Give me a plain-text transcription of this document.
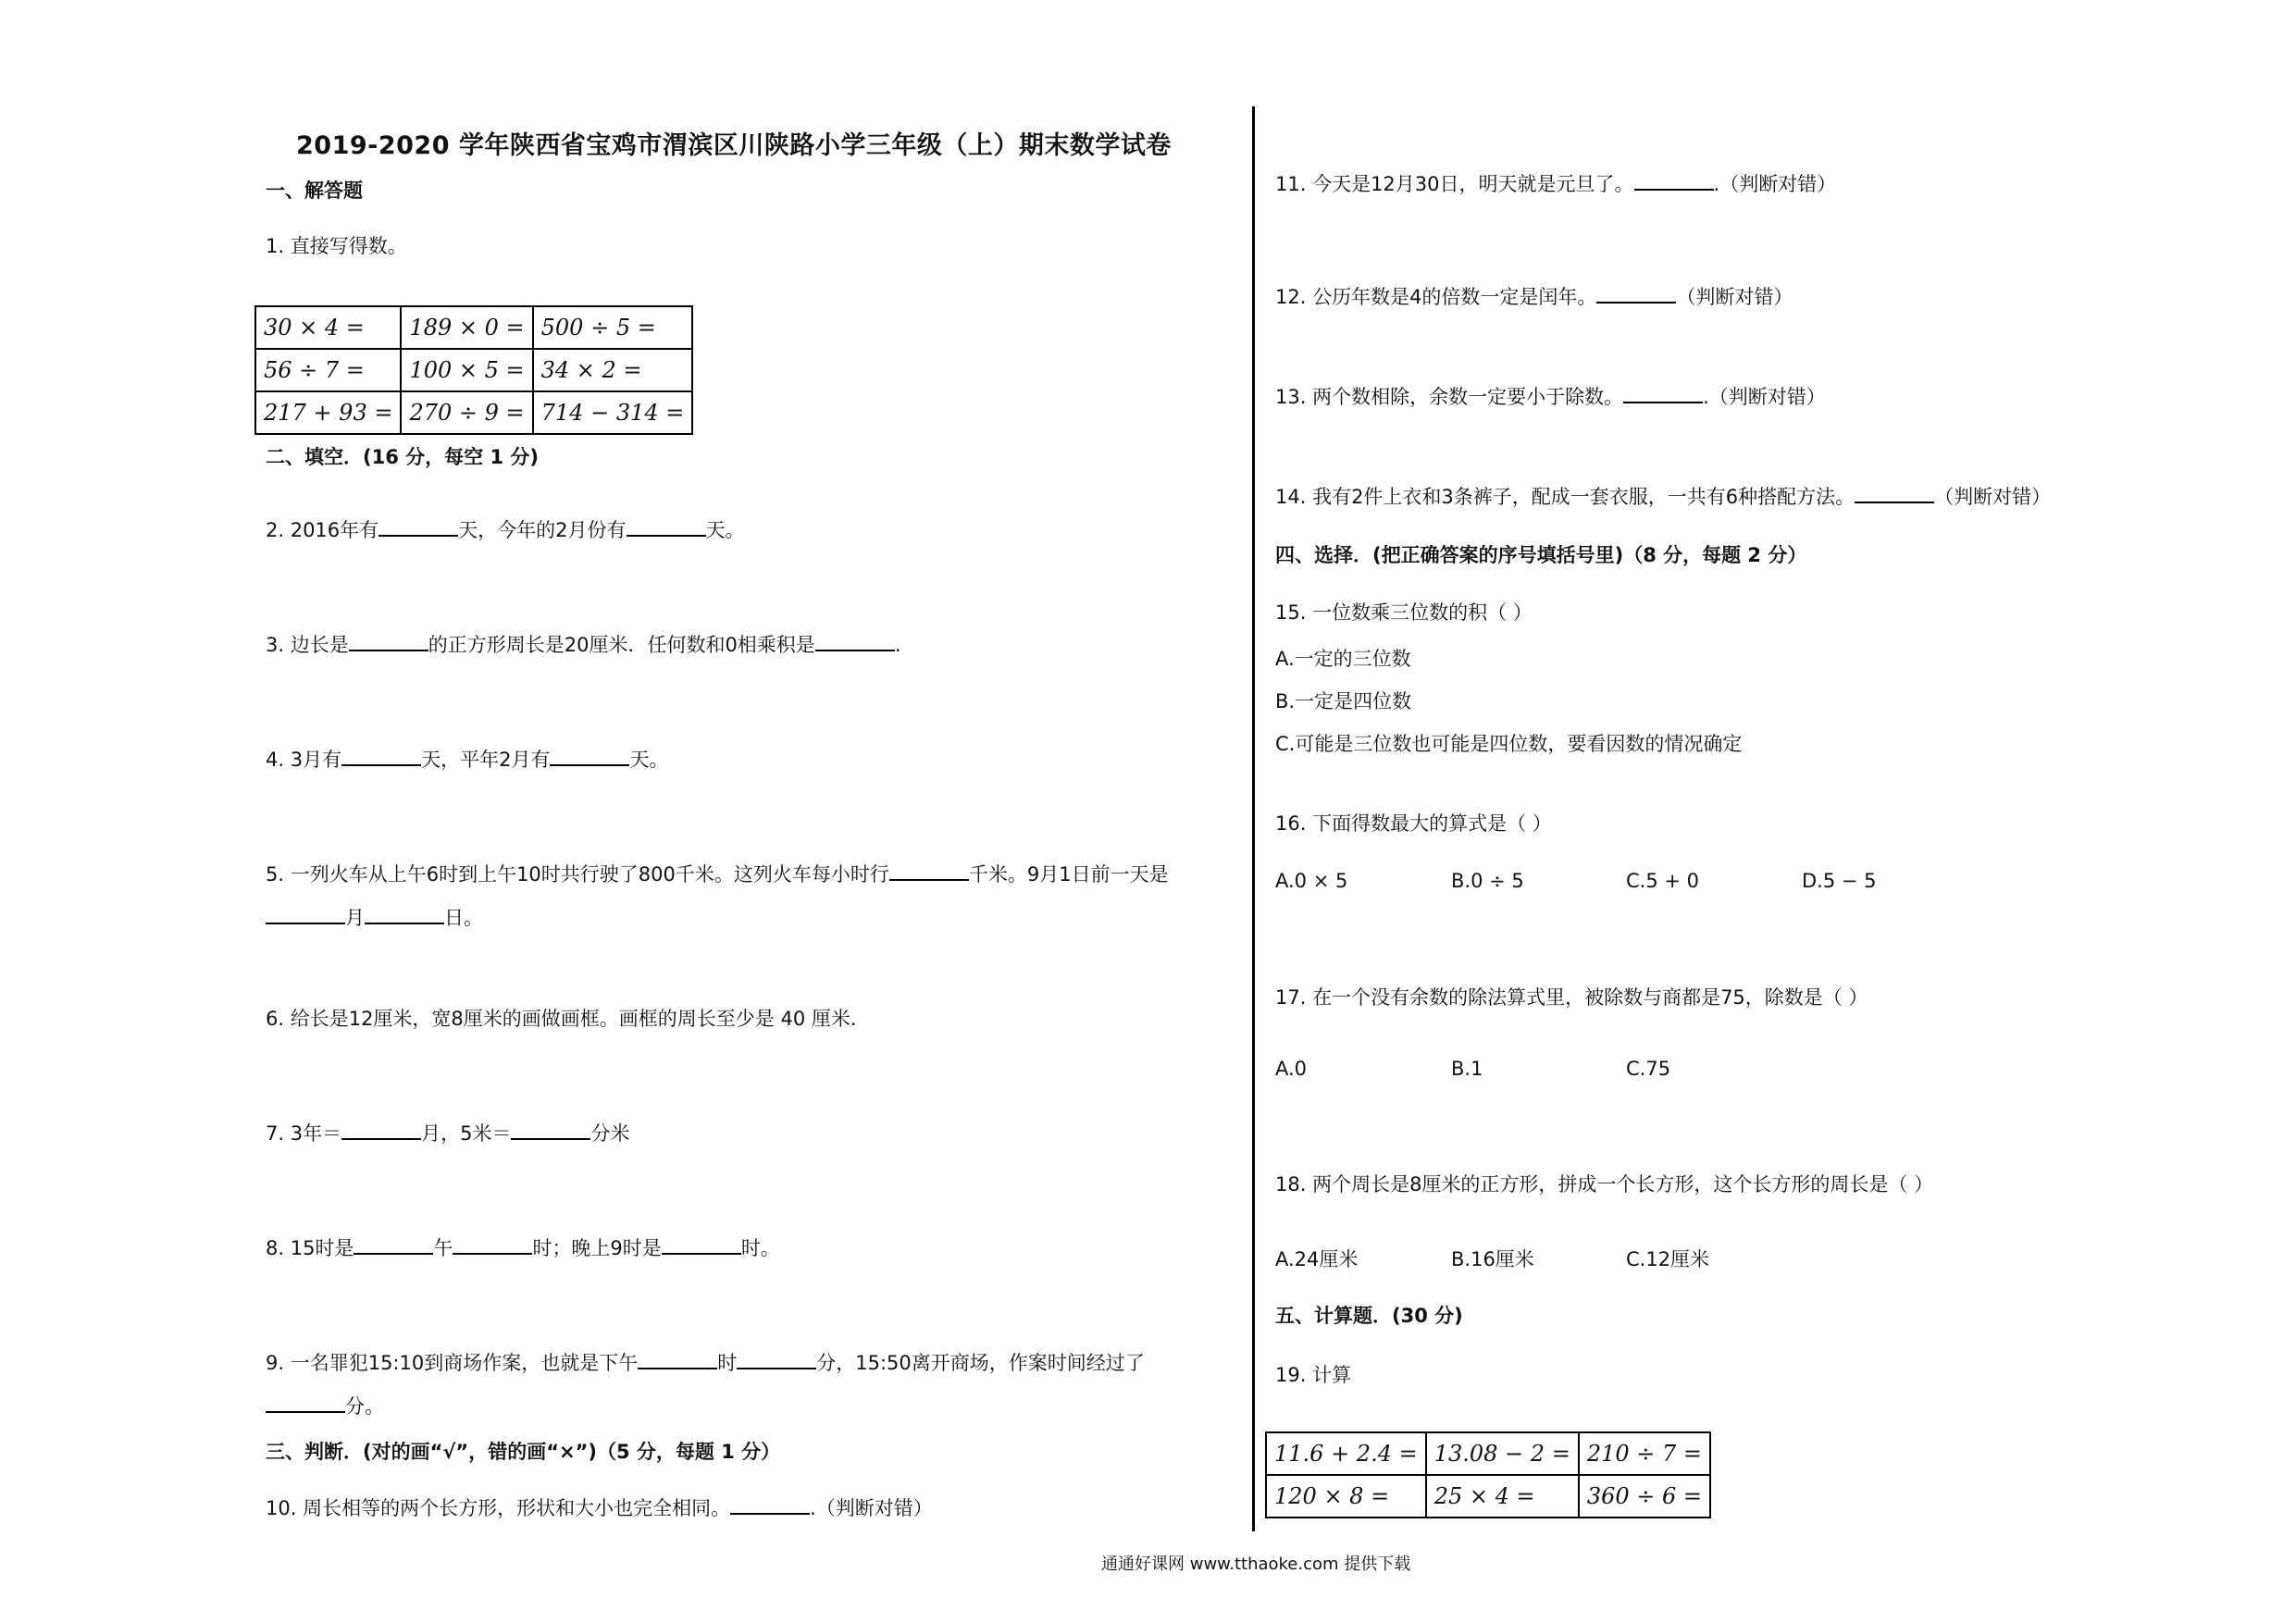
2019-2020 学年陕西省宝鸡市渭滨区川陕路小学三年级（上）期末数学试卷
一、解答题
1. 直接写得数。
30 × 4 =	189 × 0 =	500 ÷ 5 =
56 ÷ 7 =	100 × 5 =	34 × 2 =
217 + 93 =	270 ÷ 9 =	714 − 314 =
二、填空．(16 分，每空 1 分)
2. 2016年有	天，今年的2月份有	天。
3. 边长是	的正方形周长是20厘米．任何数和0相乘积是	.
4. 3月有	天，平年2月有	天。
5. 一列火车从上午6时到上午10时共行驶了800千米。这列火车每小时行	千米。9月1日前一天是
月	日。
6. 给长是12厘米，宽8厘米的画做画框。画框的周长至少是 40 厘米.
7. 3年＝	月，5米＝	分米
8. 15时是	午	时；晚上9时是	时。
9. 一名罪犯15:10到商场作案，也就是下午	时	分，15:50离开商场，作案时间经过了
分。
三、判断．(对的画“√”，错的画“×”)（5 分，每题 1 分）
10. 周长相等的两个长方形，形状和大小也完全相同。	.（判断对错）
11. 今天是12月30日，明天就是元旦了。	.（判断对错）
12. 公历年数是4的倍数一定是闰年。	（判断对错）
13. 两个数相除，余数一定要小于除数。	.（判断对错）
14. 我有2件上衣和3条裤子，配成一套衣服，一共有6种搭配方法。	（判断对错）
四、选择．(把正确答案的序号填括号里)（8 分，每题 2 分）
15. 一位数乘三位数的积（ ）
A.一定的三位数
B.一定是四位数
C.可能是三位数也可能是四位数，要看因数的情况确定
16. 下面得数最大的算式是（ ）
A.0 × 5	B.0 ÷ 5	C.5 + 0	D.5 − 5
17. 在一个没有余数的除法算式里，被除数与商都是75，除数是（ ）
A.0	B.1	C.75
18. 两个周长是8厘米的正方形，拼成一个长方形，这个长方形的周长是（ ）
A.24厘米	B.16厘米	C.12厘米
五、计算题．(30 分)
19. 计算
11.6 + 2.4 =	13.08 − 2 =	210 ÷ 7 =
120 × 8 =	25 × 4 =	360 ÷ 6 =
通通好课网 www.tthaoke.com 提供下载
